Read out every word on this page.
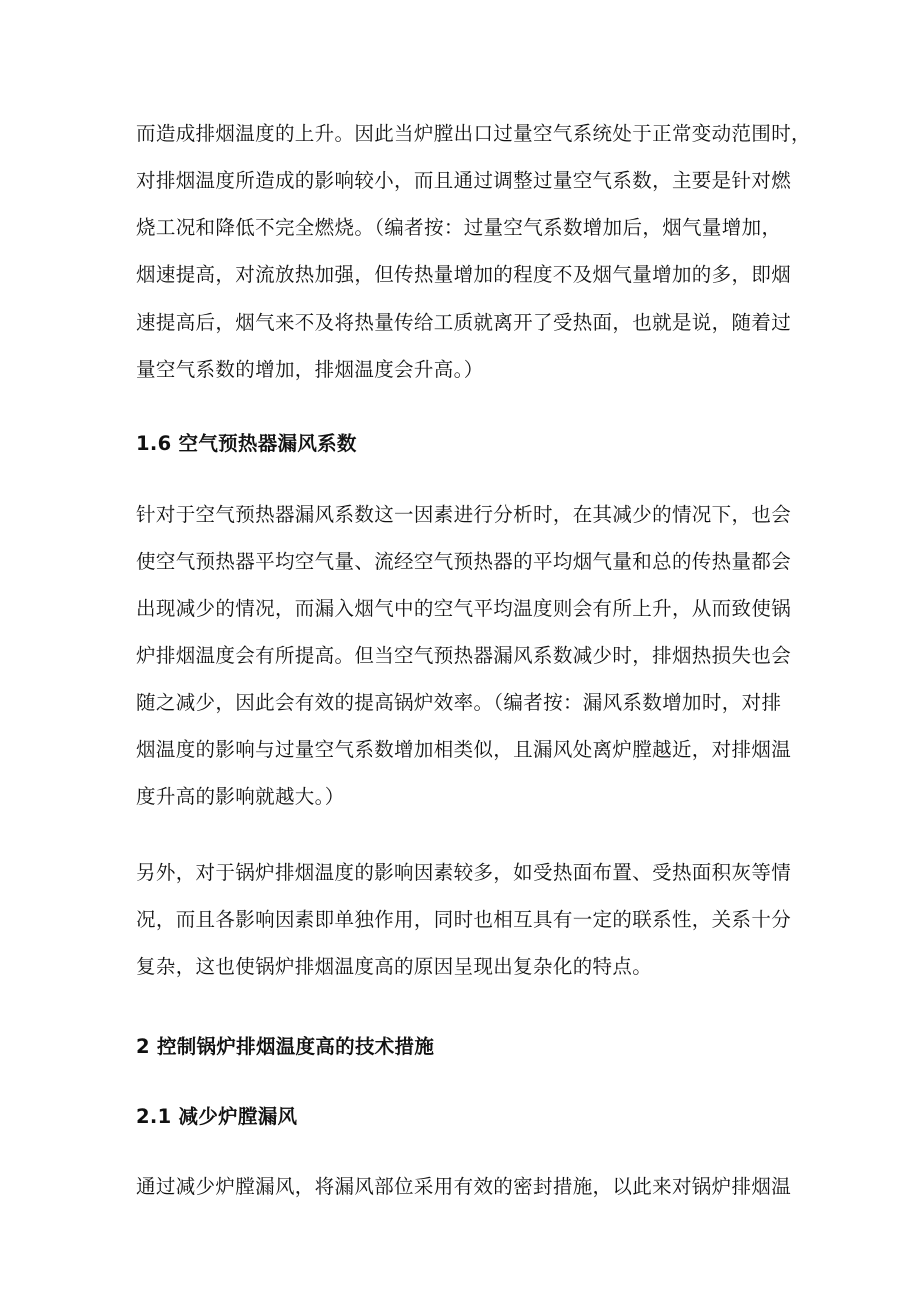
而造成排烟温度的上升。因此当炉膛出口过量空气系统处于正常变动范围时，
对排烟温度所造成的影响较小，而且通过调整过量空气系数，主要是针对燃
烧工况和降低不完全燃烧。（编者按：过量空气系数增加后，烟气量增加，
烟速提高，对流放热加强，但传热量增加的程度不及烟气量增加的多，即烟
速提高后，烟气来不及将热量传给工质就离开了受热面，也就是说，随着过
量空气系数的增加，排烟温度会升高。）
1.6 空气预热器漏风系数
针对于空气预热器漏风系数这一因素进行分析时，在其减少的情况下，也会
使空气预热器平均空气量、流经空气预热器的平均烟气量和总的传热量都会
出现减少的情况，而漏入烟气中的空气平均温度则会有所上升，从而致使锅
炉排烟温度会有所提高。但当空气预热器漏风系数减少时，排烟热损失也会
随之减少，因此会有效的提高锅炉效率。（编者按：漏风系数增加时，对排
烟温度的影响与过量空气系数增加相类似，且漏风处离炉膛越近，对排烟温
度升高的影响就越大。）
另外，对于锅炉排烟温度的影响因素较多，如受热面布置、受热面积灰等情
况，而且各影响因素即单独作用，同时也相互具有一定的联系性，关系十分
复杂，这也使锅炉排烟温度高的原因呈现出复杂化的特点。
2 控制锅炉排烟温度高的技术措施
2.1 减少炉膛漏风
通过减少炉膛漏风，将漏风部位采用有效的密封措施，以此来对锅炉排烟温
